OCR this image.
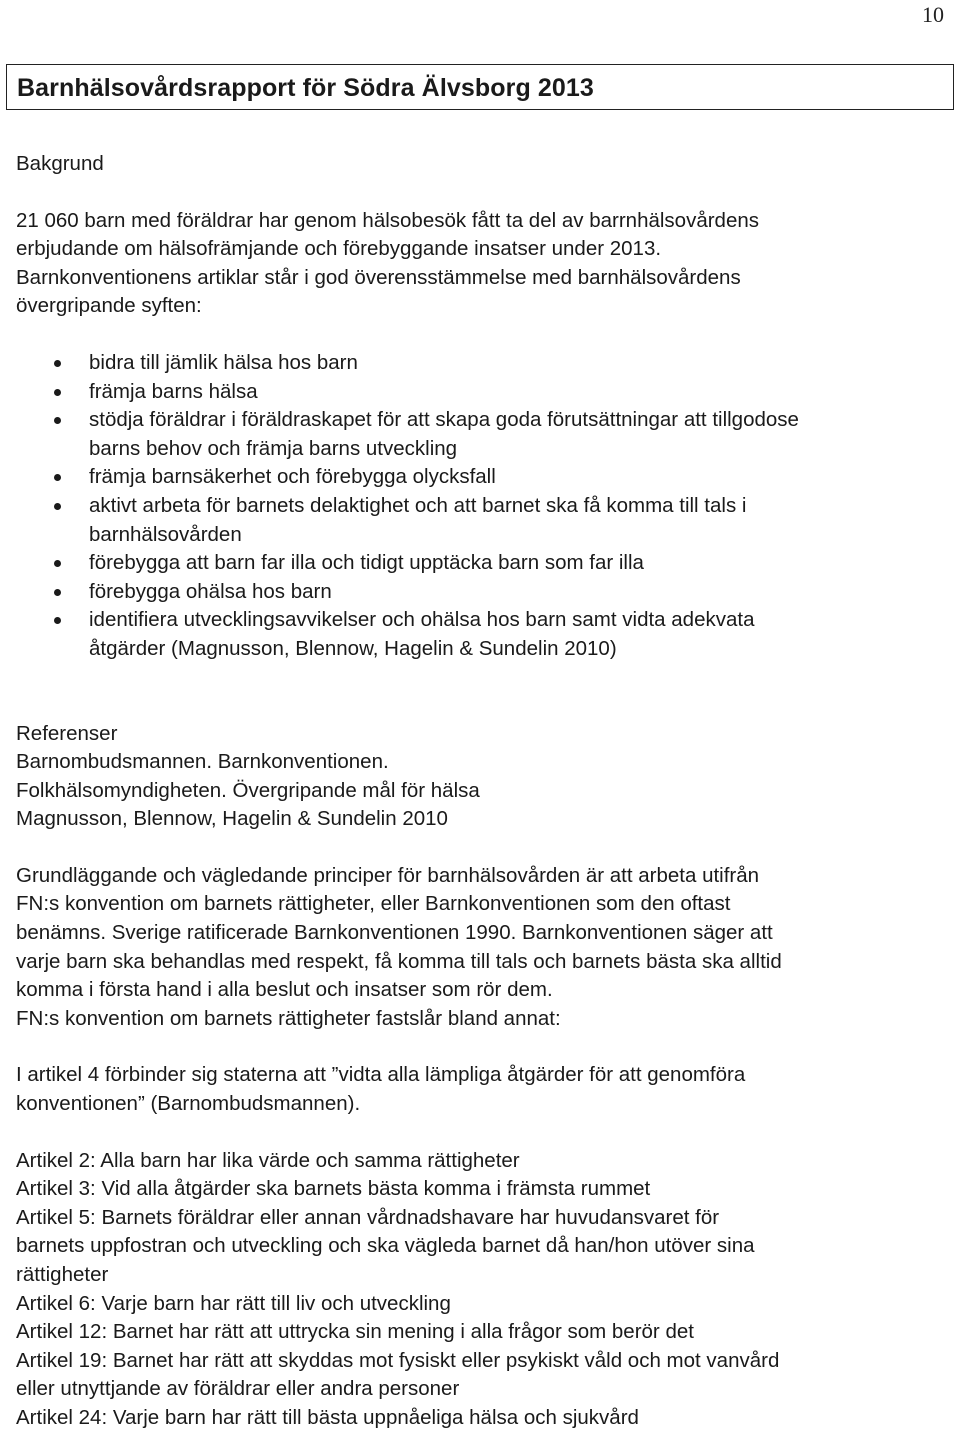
10
Barnhälsovårdsrapport för Södra Älvsborg 2013

Bakgrund

21 060 barn med föräldrar har genom hälsobesök fått ta del av barrnhälsovårdens
erbjudande om hälsofrämjande och förebyggande insatser under 2013.
Barnkonventionens artiklar står i god överensstämmelse med barnhälsovårdens
övergripande syften:
bidra till jämlik hälsa hos barn
främja barns hälsa
stödja föräldrar i föräldraskapet för att skapa goda förutsättningar att tillgodose
barns behov och främja barns utveckling
främja barnsäkerhet och förebygga olycksfall
aktivt arbeta för barnets delaktighet och att barnet ska få komma till tals i
barnhälsovården
förebygga att barn far illa och tidigt upptäcka barn som far illa
förebygga ohälsa hos barn
identifiera utvecklingsavvikelser och ohälsa hos barn samt vidta adekvata
åtgärder (Magnusson, Blennow, Hagelin & Sundelin 2010)

Referenser

Barnombudsmannen. Barnkonventionen.
Folkhälsomyndigheten. Övergripande mål för hälsa
Magnusson, Blennow, Hagelin & Sundelin 2010
Grundläggande och vägledande principer för barnhälsovården är att arbeta utifrån
FN:s konvention om barnets rättigheter, eller Barnkonventionen som den oftast
benämns. Sverige ratificerade Barnkonventionen 1990. Barnkonventionen säger att
varje barn ska behandlas med respekt, få komma till tals och barnets bästa ska alltid
komma i första hand i alla beslut och insatser som rör dem.
FN:s konvention om barnets rättigheter fastslår bland annat:
I artikel 4 förbinder sig staterna att ”vidta alla lämpliga åtgärder för att genomföra
konventionen” (Barnombudsmannen).
Artikel 2: Alla barn har lika värde och samma rättigheter
Artikel 3: Vid alla åtgärder ska barnets bästa komma i främsta rummet
Artikel 5: Barnets föräldrar eller annan vårdnadshavare har huvudansvaret för
barnets uppfostran och utveckling och ska vägleda barnet då han/hon utöver sina
rättigheter
Artikel 6: Varje barn har rätt till liv och utveckling
Artikel 12: Barnet har rätt att uttrycka sin mening i alla frågor som berör det
Artikel 19: Barnet har rätt att skyddas mot fysiskt eller psykiskt våld och mot vanvård
eller utnyttjande av föräldrar eller andra personer
Artikel 24: Varje barn har rätt till bästa uppnåeliga hälsa och sjukvård
